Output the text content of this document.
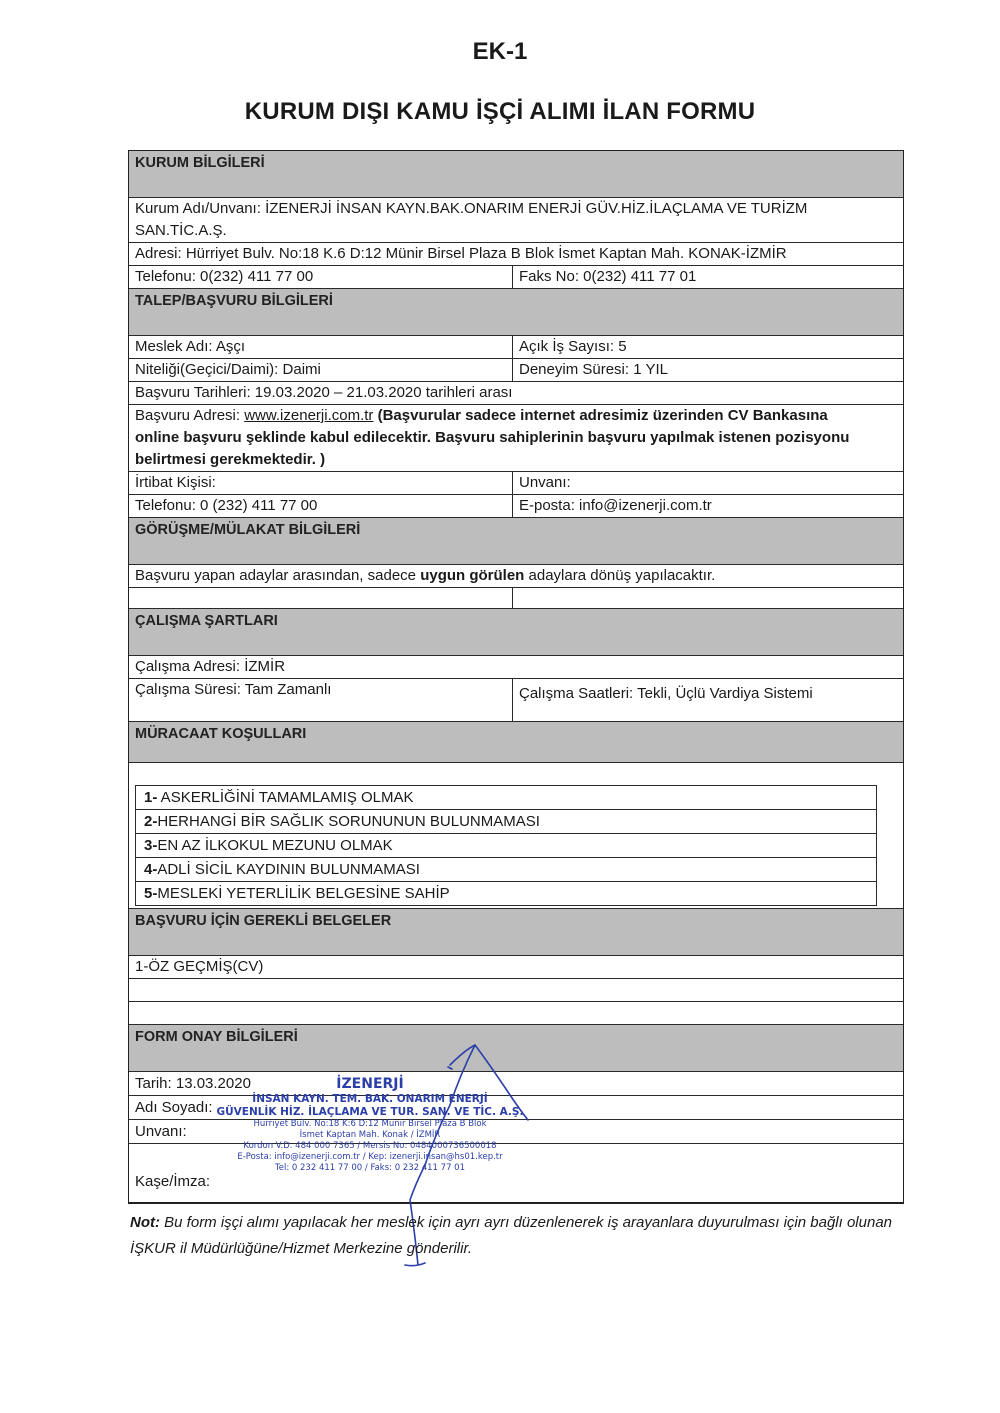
EK-1
KURUM DIŞI KAMU İŞÇİ ALIMI İLAN FORMU
KURUM BİLGİLERİ
Kurum Adı/Unvanı: İZENERJİ İNSAN KAYN.BAK.ONARIM ENERJİ GÜV.HİZ.İLAÇLAMA VE TURİZM SAN.TİC.A.Ş.
Adresi: Hürriyet Bulv. No:18 K.6 D:12 Münir Birsel Plaza B Blok İsmet Kaptan Mah. KONAK-İZMİR
Telefonu: 0(232) 411 77 00	Faks No: 0(232) 411 77 01
TALEP/BAŞVURU BİLGİLERİ
Meslek Adı: Aşçı	Açık İş Sayısı: 5
Niteliği(Geçici/Daimi): Daimi	Deneyim Süresi: 1 YIL
Başvuru Tarihleri: 19.03.2020 – 21.03.2020 tarihleri arası
Başvuru Adresi: www.izenerji.com.tr (Başvurular sadece internet adresimiz üzerinden CV Bankasına online başvuru şeklinde kabul edilecektir. Başvuru sahiplerinin başvuru yapılmak istenen pozisyonu belirtmesi gerekmektedir. )
İrtibat Kişisi:	Unvanı:
Telefonu: 0 (232) 411 77 00	E-posta: info@izenerji.com.tr
GÖRÜŞME/MÜLAKAT BİLGİLERİ
Başvuru yapan adaylar arasından, sadece uygun görülen adaylara dönüş yapılacaktır.
ÇALIŞMA ŞARTLARI
Çalışma Adresi: İZMİR
Çalışma Süresi: Tam Zamanlı	Çalışma Saatleri: Tekli, Üçlü Vardiya Sistemi
MÜRACAAT KOŞULLARI
1- ASKERLİĞİNİ TAMAMLAMIŞ OLMAK
2-HERHANGİ BİR SAĞLIK SORUNUNUN BULUNMAMASI
3-EN AZ İLKOKUL MEZUNU OLMAK
4-ADLİ SİCİL KAYDININ BULUNMAMASI
5-MESLEKİ YETERLİLİK BELGESİNE SAHİP
BAŞVURU İÇİN GEREKLİ BELGELER
1-ÖZ GEÇMİŞ(CV)
FORM ONAY BİLGİLERİ
Tarih: 13.03.2020
Adı Soyadı:
Unvanı:
Kaşe/İmza:
İZENERJİ
İNSAN KAYN. TEM. BAK. ONARIM ENERJİ
GÜVENLİK HİZ. İLAÇLAMA VE TUR. SAN. VE TİC. A.Ş.
Hürriyet Bulv. No:18 K:6 D:12 Münir Birsel Plaza B Blok
İsmet Kaptan Mah. Konak / İZMİR
Kordon V.D. 484 000 7365 / Mersis No: 0484000736500018
E-Posta: info@izenerji.com.tr / Kep: izenerji.insan@hs01.kep.tr
Tel: 0 232 411 77 00 / Faks: 0 232 411 77 01
Not: Bu form işçi alımı yapılacak her meslek için ayrı ayrı düzenlenerek iş arayanlara duyurulması için bağlı olunan İŞKUR il Müdürlüğüne/Hizmet Merkezine gönderilir.
